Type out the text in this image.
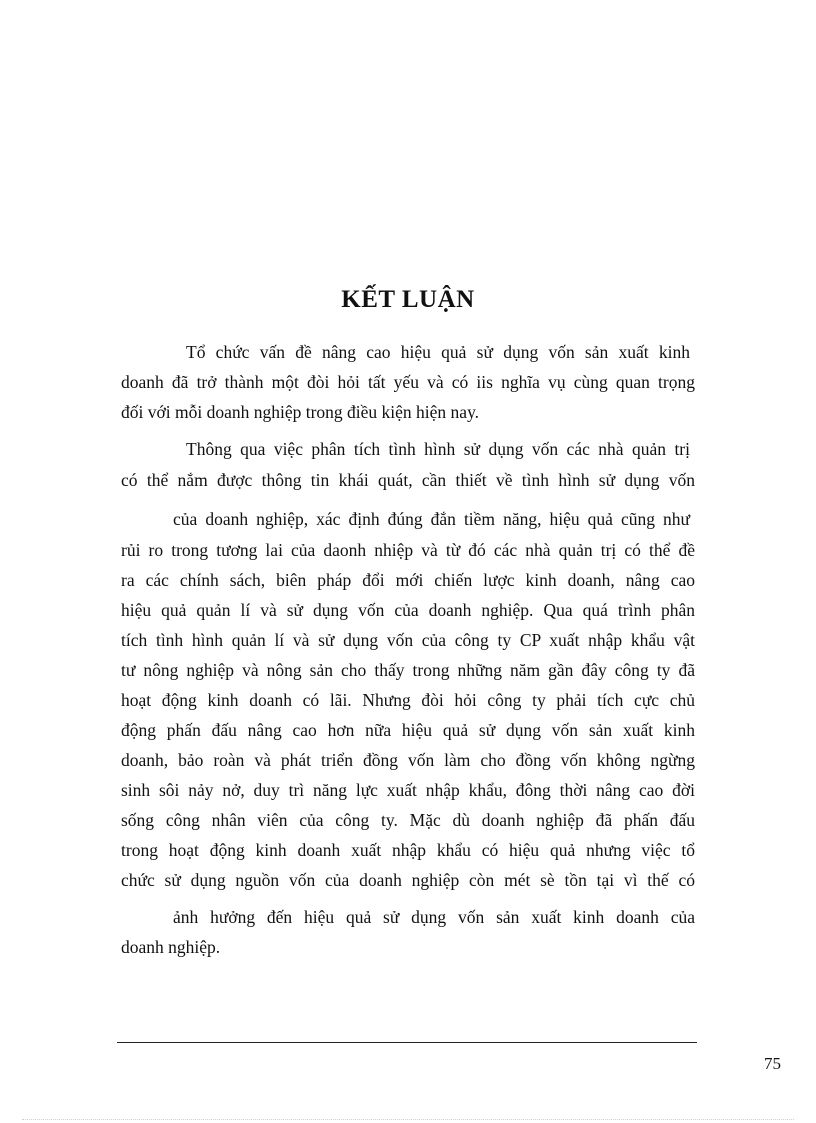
KẾT LUẬN
Tổ chức vấn đề nâng cao hiệu quả sử dụng vốn sản xuất kinh
doanh đã trở thành một đòi hỏi tất yếu và có iis nghĩa vụ cùng quan trọng
đối với mỗi doanh nghiệp trong điều kiện hiện nay.
Thông qua việc phân tích tình hình sử dụng vốn các nhà quản trị
có thể nắm được thông tin khái quát, cần thiết về tình hình sử dụng vốn
của doanh nghiệp, xác định đúng đắn tiềm năng, hiệu quả cũng như
rủi ro trong tương lai của daonh nhiệp và từ đó các nhà quản trị có thể đề
ra các chính sách, biên pháp đổi mới chiến lược kinh doanh, nâng cao
hiệu quả quản lí và sử dụng vốn của doanh nghiệp. Qua quá trình phân
tích tình hình quản lí và sử dụng vốn của công ty CP xuất nhập khẩu vật
tư nông nghiệp và nông sản cho thấy trong những năm gần đây công ty đã
hoạt động kinh doanh có lãi. Nhưng đòi hỏi công ty phải tích cực chủ
động phấn đấu nâng cao hơn nữa hiệu quả sử dụng vốn sản xuất kinh
doanh, bảo roàn và phát triển đồng vốn làm cho đồng vốn không ngừng
sinh sôi nảy nở, duy trì năng lực xuất nhập khẩu, đông thời nâng cao đời
sống công nhân viên của công ty. Mặc dù doanh nghiệp đã phấn đấu
trong hoạt động kinh doanh xuất nhập khẩu có hiệu quả nhưng việc tổ
chức sử dụng nguồn vốn của doanh nghiệp còn mét sè tồn tại vì thế có
ảnh hưởng đến hiệu quả sử dụng vốn sản xuất kinh doanh của
doanh nghiệp.
75
